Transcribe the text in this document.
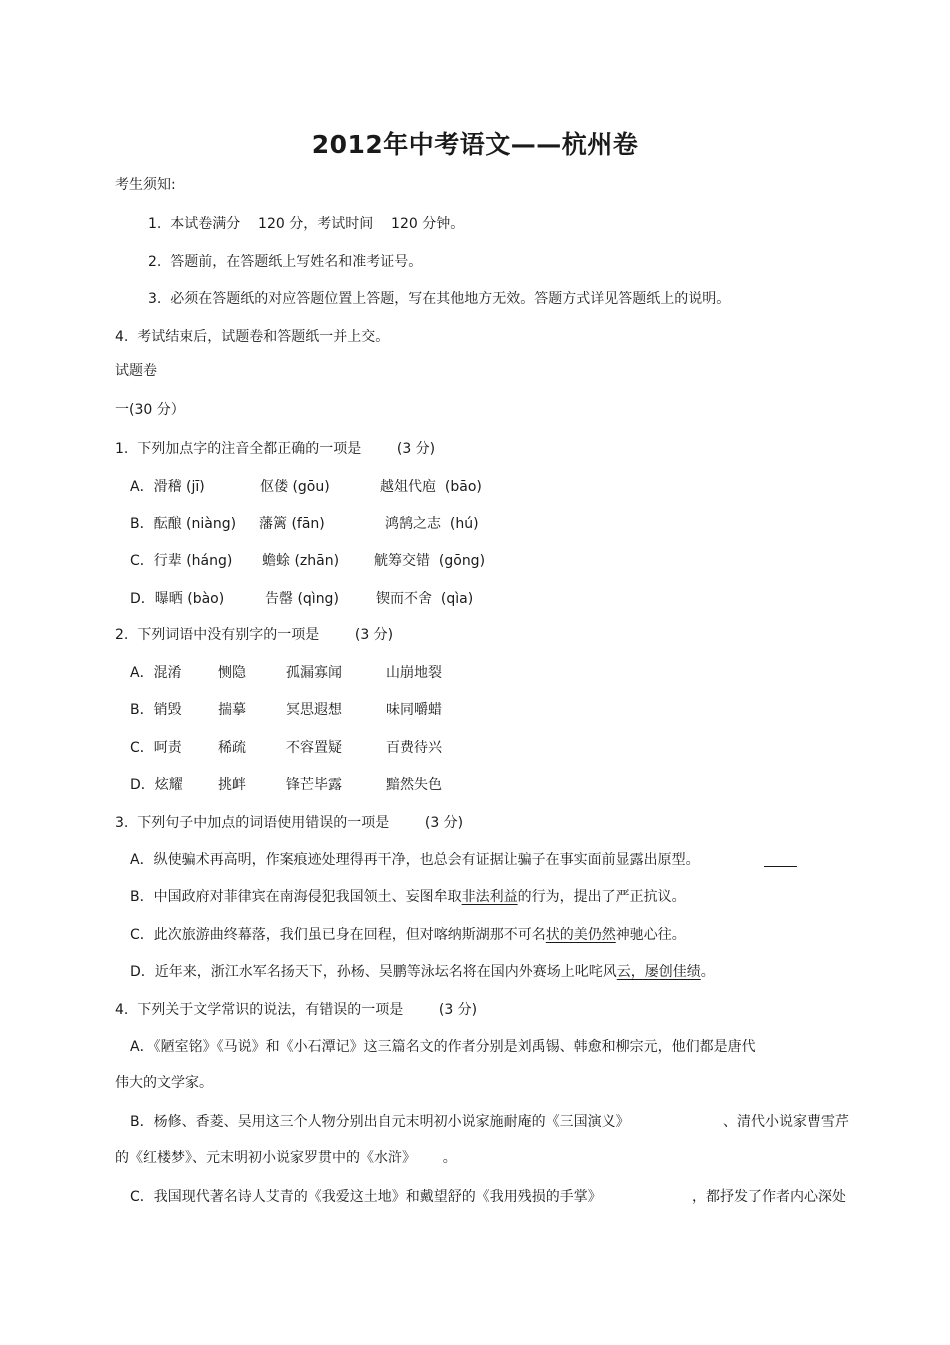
2012年中考语文——杭州卷
考生须知:
1.  本试卷满分    120 分，考试时间    120 分钟。
2.  答题前，在答题纸上写姓名和准考证号。
3.  必须在答题纸的对应答题位置上答题，写在其他地方无效。答题方式详见答题纸上的说明。
4.  考试结束后，试题卷和答题纸一并上交。
试题卷
一(30 分）
1.  下列加点字的注音全都正确的一项是        (3 分)
A．滑稽 (jī)	伛偻 (gōu)	越俎代庖  (bāo)
B．酝酿 (niàng) 藩篱 (fān)	鸿鹄之志  (hú)
C．行辈 (háng) 蟾蜍 (zhān) 觥筹交错  (gōng)
D．曝晒 (bào)	告罄 (qìng)	锲而不舍  (qìa)
2.  下列词语中没有别字的一项是        (3 分)
A．混淆	恻隐	孤漏寡闻	山崩地裂
B．销毁	揣摹	冥思遐想	味同嚼蜡
C．呵责	稀疏	不容置疑	百费待兴
D．炫耀	挑衅	锋芒毕露	黯然失色
3.  下列句子中加点的词语使用错误的一项是        (3 分)
A．纵使骗术再高明，作案痕迹处理得再干净，也总会有证据让骗子在事实面前显露出原型。
B．中国政府对菲律宾在南海侵犯我国领土、妄图牟取非法利益的行为，提出了严正抗议。
C．此次旅游曲终幕落，我们虽已身在回程，但对喀纳斯湖那不可名状的美仍然神驰心往。
D．近年来，浙江水军名扬天下，孙杨、吴鹏等泳坛名将在国内外赛场上叱咤风云，屡创佳绩。
4.  下列关于文学常识的说法，有错误的一项是        (3 分)
A．《陋室铭》《马说》和《小石潭记》这三篇名文的作者分别是刘禹锡、韩愈和柳宗元，他们都是唐代
伟大的文学家。
B．杨修、香菱、吴用这三个人物分别出自元末明初小说家施耐庵的《三国演义》	、清代小说家曹雪芹
的《红楼梦》、元末明初小说家罗贯中的《水浒》      。
C．我国现代著名诗人艾青的《我爱这土地》和戴望舒的《我用残损的手掌》	，都抒发了作者内心深处
